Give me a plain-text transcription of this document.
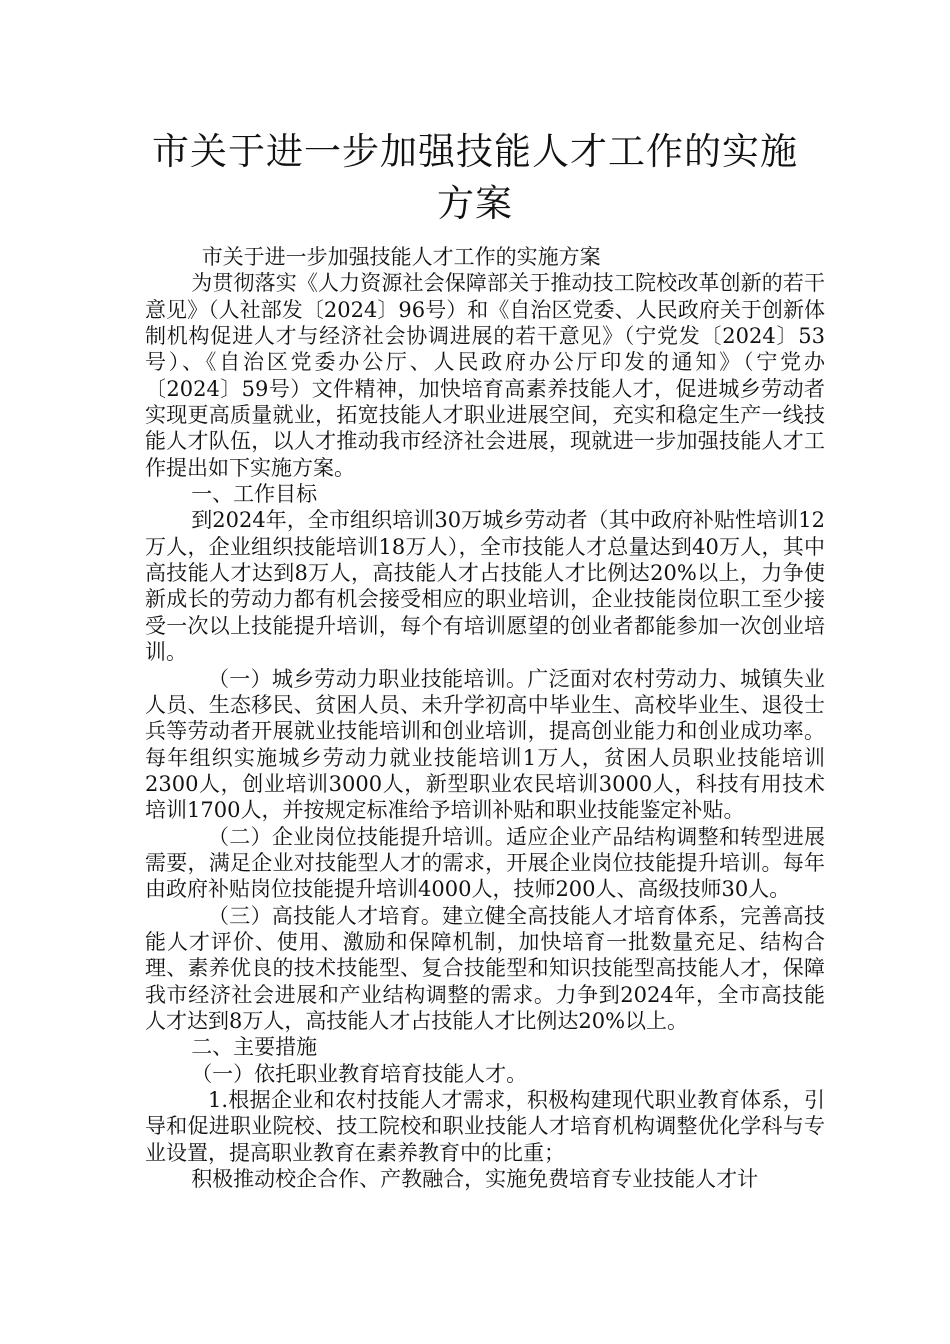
市关于进一步加强技能人才工作的实施方案

市关于进一步加强技能人才工作的实施方案

为贯彻落实《人力资源社会保障部关于推动技工院校改革创新的若干意见》（人社部发〔2024〕96号）和《自治区党委、人民政府关于创新体制机构促进人才与经济社会协调进展的若干意见》（宁党发〔2024〕53号）、《自治区党委办公厅、人民政府办公厅印发的通知》（宁党办〔2024〕59号）文件精神，加快培育高素养技能人才，促进城乡劳动者实现更高质量就业，拓宽技能人才职业进展空间，充实和稳定生产一线技能人才队伍，以人才推动我市经济社会进展，现就进一步加强技能人才工作提出如下实施方案。

一、工作目标

到2024年，全市组织培训30万城乡劳动者（其中政府补贴性培训12万人，企业组织技能培训18万人），全市技能人才总量达到40万人，其中高技能人才达到8万人，高技能人才占技能人才比例达20%以上，力争使新成长的劳动力都有机会接受相应的职业培训，企业技能岗位职工至少接受一次以上技能提升培训，每个有培训愿望的创业者都能参加一次创业培训。

（一）城乡劳动力职业技能培训。广泛面对农村劳动力、城镇失业人员、生态移民、贫困人员、未升学初高中毕业生、高校毕业生、退役士兵等劳动者开展就业技能培训和创业培训，提高创业能力和创业成功率。每年组织实施城乡劳动力就业技能培训1万人，贫困人员职业技能培训2300人，创业培训3000人，新型职业农民培训3000人，科技有用技术培训1700人，并按规定标准给予培训补贴和职业技能鉴定补贴。

（二）企业岗位技能提升培训。适应企业产品结构调整和转型进展需要，满足企业对技能型人才的需求，开展企业岗位技能提升培训。每年由政府补贴岗位技能提升培训4000人，技师200人、高级技师30人。

（三）高技能人才培育。建立健全高技能人才培育体系，完善高技能人才评价、使用、激励和保障机制，加快培育一批数量充足、结构合理、素养优良的技术技能型、复合技能型和知识技能型高技能人才，保障我市经济社会进展和产业结构调整的需求。力争到2024年，全市高技能人才达到8万人，高技能人才占技能人才比例达20%以上。

二、主要措施

（一）依托职业教育培育技能人才。

1.根据企业和农村技能人才需求，积极构建现代职业教育体系，引导和促进职业院校、技工院校和职业技能人才培育机构调整优化学科与专业设置，提高职业教育在素养教育中的比重；

积极推动校企合作、产教融合，实施免费培育专业技能人才计
